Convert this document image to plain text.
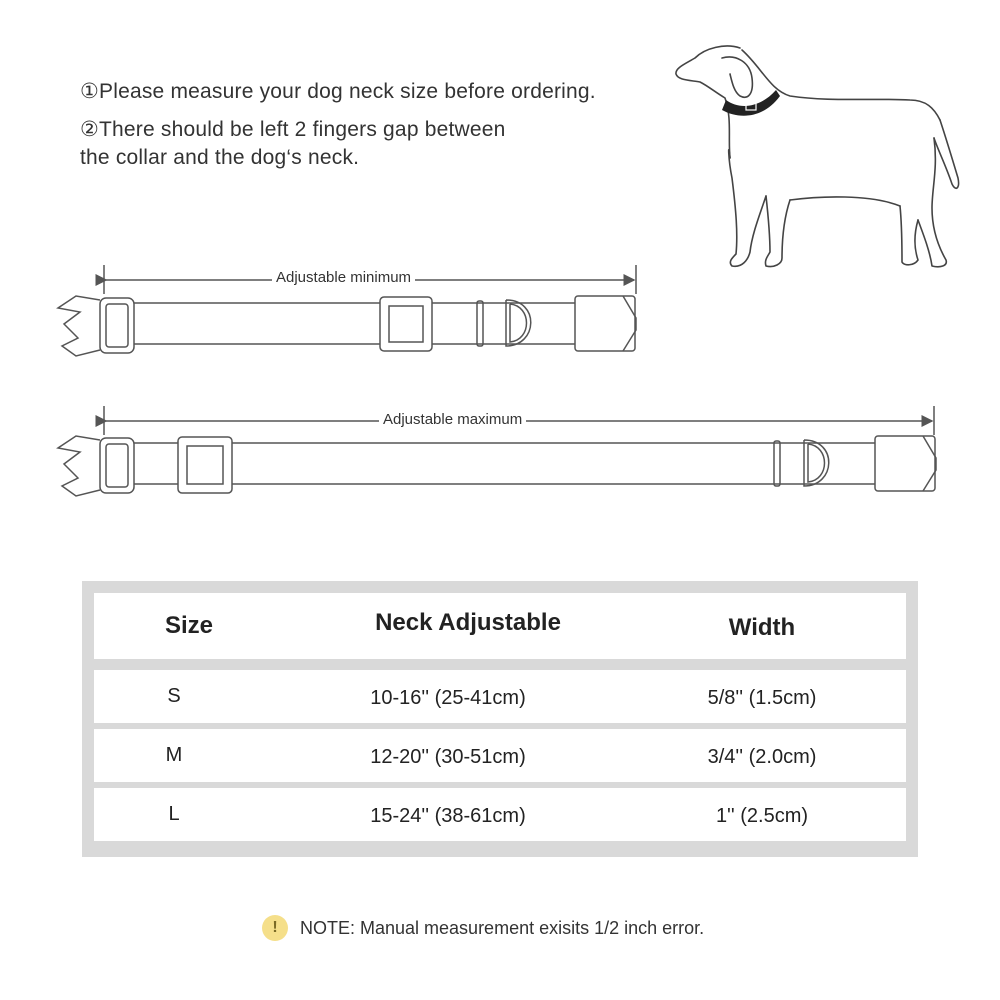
①Please measure your dog neck size before ordering.
②There should be left 2 fingers gap between
the collar and the dog‘s neck.
Adjustable minimum
Adjustable maximum
Size	Neck Adjustable	Width
S	10-16'' (25-41cm)	5/8'' (1.5cm)
M	12-20'' (30-51cm)	3/4'' (2.0cm)
L	15-24'' (38-61cm)	1'' (2.5cm)
!	NOTE: Manual measurement exisits 1/2 inch error.
